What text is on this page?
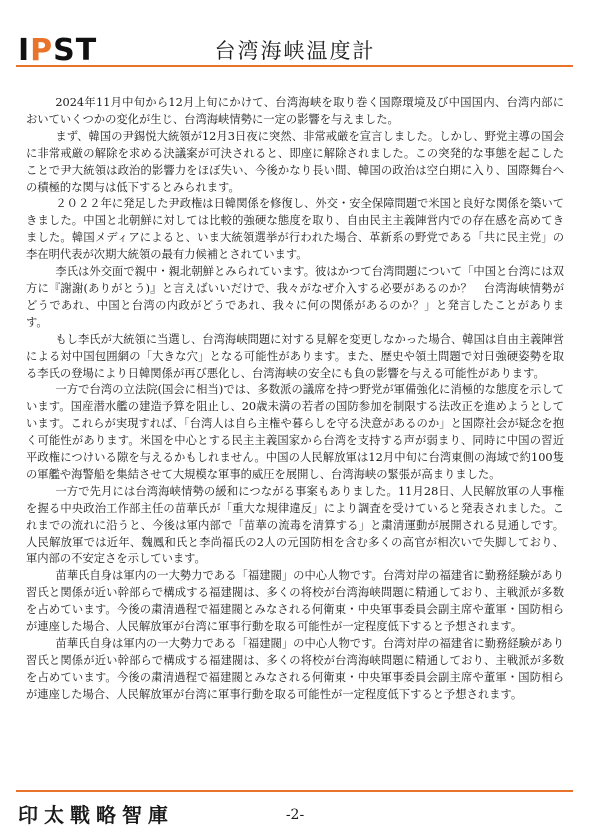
IPST	台湾海峡温度計

2024年11月中旬から12月上旬にかけて、台湾海峡を取り巻く国際環境及び中国国内、台湾内部においていくつかの変化が生じ、台湾海峡情勢に一定の影響を与えました。

まず、韓国の尹錫悦大統領が12月3日夜に突然、非常戒厳を宣言しました。しかし、野党主導の国会に非常戒厳の解除を求める決議案が可決されると、即座に解除されました。この突発的な事態を起こしたことで尹大統領は政治的影響力をほぼ失い、今後かなり長い間、韓国の政治は空白期に入り、国際舞台への積極的な関与は低下するとみられます。

２０２２年に発足した尹政権は日韓関係を修復し、外交・安全保障問題で米国と良好な関係を築いてきました。中国と北朝鮮に対しては比較的強硬な態度を取り、自由民主主義陣営内での存在感を高めてきました。韓国メディアによると、いま大統領選挙が行われた場合、革新系の野党である「共に民主党」の李在明代表が次期大統領の最有力候補とされています。

李氏は外交面で親中・親北朝鮮とみられています。彼はかつて台湾問題について「中国と台湾には双方に『謝謝(ありがとう)』と言えばいいだけで、我々がなぜ介入する必要があるのか？　台湾海峡情勢がどうであれ、中国と台湾の内政がどうであれ、我々に何の関係があるのか？」と発言したことがあります。

もし李氏が大統領に当選し、台湾海峡問題に対する見解を変更しなかった場合、韓国は自由主義陣営による対中国包囲網の「大きな穴」となる可能性があります。また、歴史や領土問題で対日強硬姿勢を取る李氏の登場により日韓関係が再び悪化し、台湾海峡の安全にも負の影響を与える可能性があります。

一方で台湾の立法院(国会に相当)では、多数派の議席を持つ野党が軍備強化に消極的な態度を示しています。国産潜水艦の建造予算を阻止し、20歳未満の若者の国防参加を制限する法改正を進めようとしています。これらが実現すれば、「台湾人は自ら主権や暮らしを守る決意があるのか」と国際社会が疑念を抱く可能性があります。米国を中心とする民主主義国家から台湾を支持する声が弱まり、同時に中国の習近平政権につけいる隙を与えるかもしれません。中国の人民解放軍は12月中旬に台湾東側の海域で約100隻の軍艦や海警船を集結させて大規模な軍事的威圧を展開し、台湾海峡の緊張が高まりました。

一方で先月には台湾海峡情勢の緩和につながる事案もありました。11月28日、人民解放軍の人事権を握る中央政治工作部主任の苗華氏が「重大な規律違反」により調査を受けていると発表されました。これまでの流れに沿うと、今後は軍内部で「苗華の流毒を清算する」と粛清運動が展開される見通しです。人民解放軍では近年、魏鳳和氏と李尚福氏の2人の元国防相を含む多くの高官が相次いで失脚しており、軍内部の不安定さを示しています。

苗華氏自身は軍内の一大勢力である「福建閥」の中心人物です。台湾対岸の福建省に勤務経験があり習氏と関係が近い幹部らで構成する福建閥は、多くの将校が台湾海峡問題に精通しており、主戦派が多数を占めています。今後の粛清過程で福建閥とみなされる何衛東・中央軍事委員会副主席や董軍・国防相らが連座した場合、人民解放軍が台湾に軍事行動を取る可能性が一定程度低下すると予想されます。

苗華氏自身は軍内の一大勢力である「福建閥」の中心人物です。台湾対岸の福建省に勤務経験があり習氏と関係が近い幹部らで構成する福建閥は、多くの将校が台湾海峡問題に精通しており、主戦派が多数を占めています。今後の粛清過程で福建閥とみなされる何衛東・中央軍事委員会副主席や董軍・国防相らが連座した場合、人民解放軍が台湾に軍事行動を取る可能性が一定程度低下すると予想されます。

印太戰略智庫	-2-
